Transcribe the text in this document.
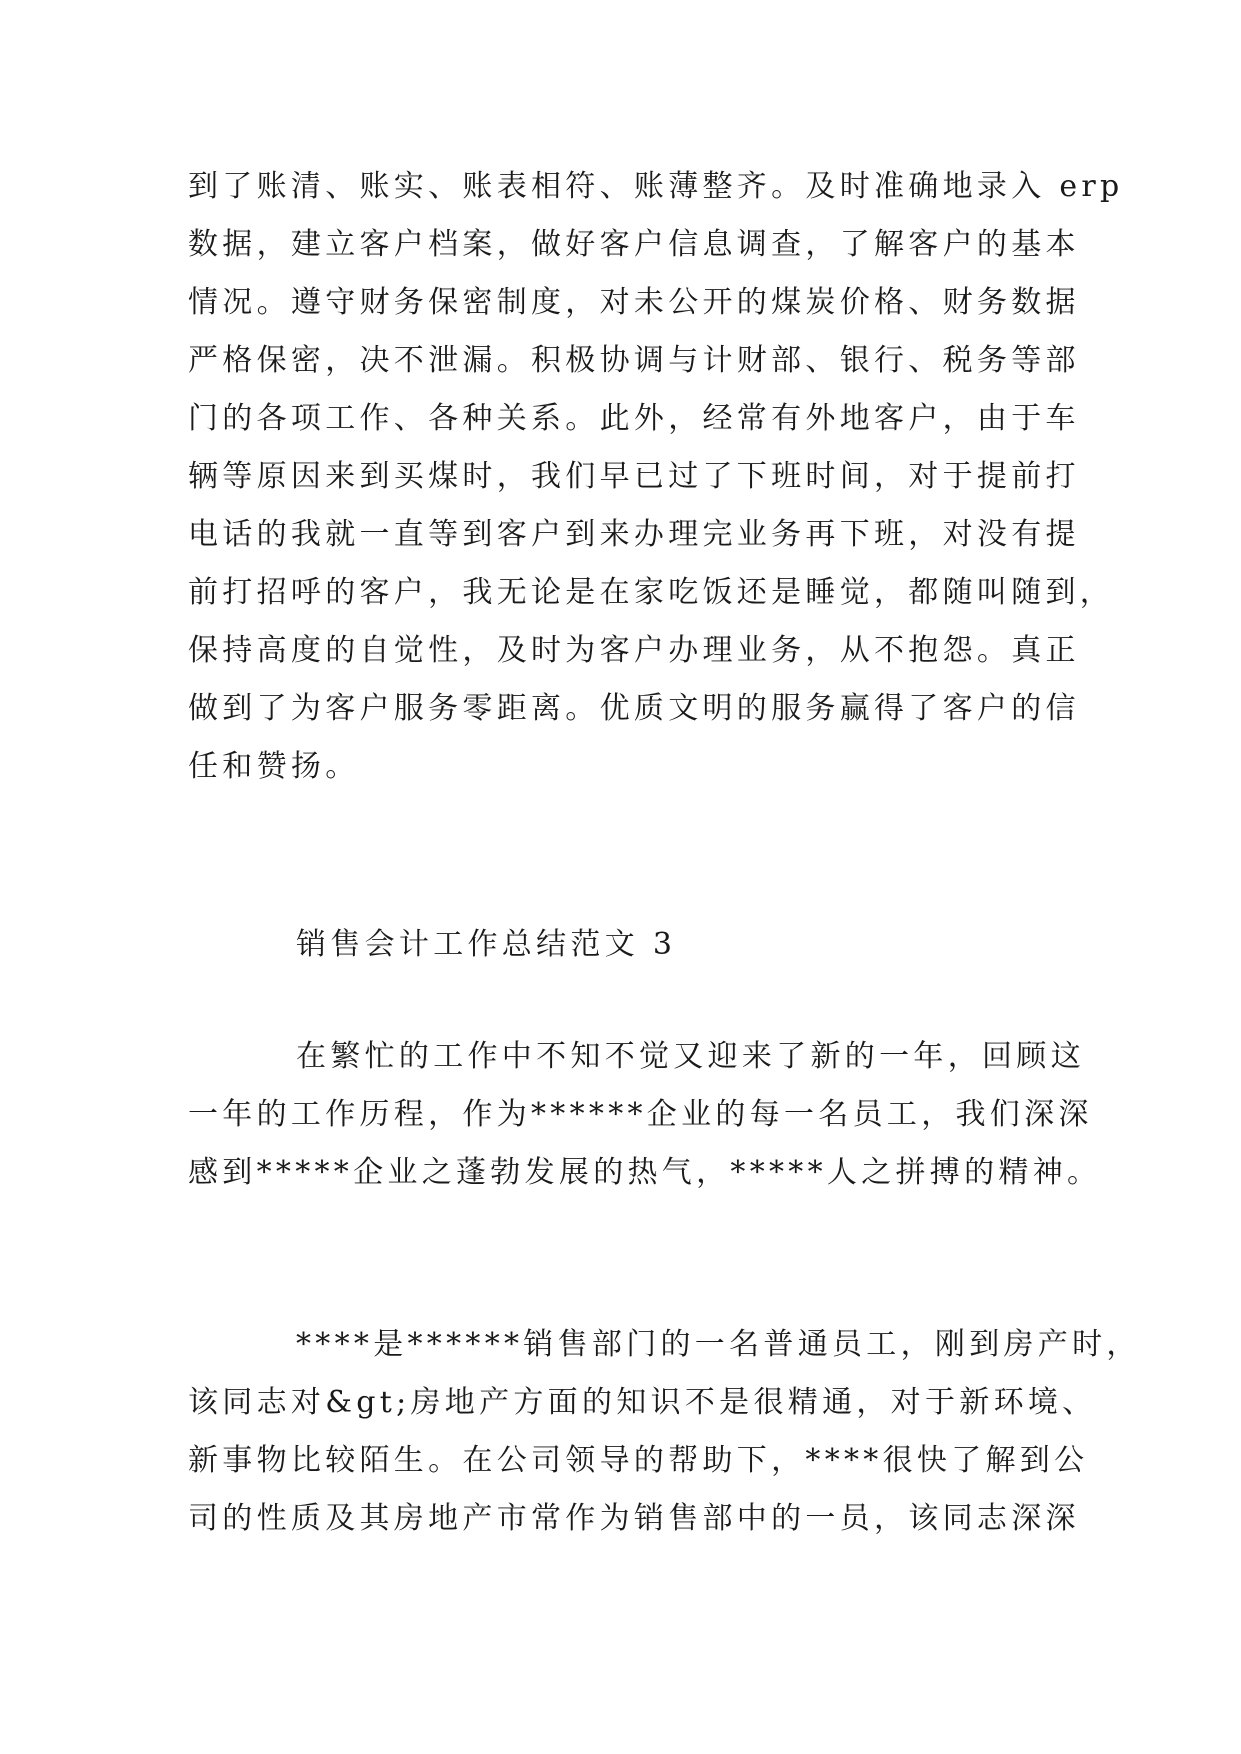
到了账清、账实、账表相符、账薄整齐。及时准确地录入 erp
数据，建立客户档案，做好客户信息调查，了解客户的基本
情况。遵守财务保密制度，对未公开的煤炭价格、财务数据
严格保密，决不泄漏。积极协调与计财部、银行、税务等部
门的各项工作、各种关系。此外，经常有外地客户，由于车
辆等原因来到买煤时，我们早已过了下班时间，对于提前打
电话的我就一直等到客户到来办理完业务再下班，对没有提
前打招呼的客户，我无论是在家吃饭还是睡觉，都随叫随到，
保持高度的自觉性，及时为客户办理业务，从不抱怨。真正
做到了为客户服务零距离。优质文明的服务赢得了客户的信
任和赞扬。
销售会计工作总结范文 3
在繁忙的工作中不知不觉又迎来了新的一年，回顾这
一年的工作历程，作为******企业的每一名员工，我们深深
感到*****企业之蓬勃发展的热气，*****人之拼搏的精神。
****是******销售部门的一名普通员工，刚到房产时，
该同志对&gt;房地产方面的知识不是很精通，对于新环境、
新事物比较陌生。在公司领导的帮助下，****很快了解到公
司的性质及其房地产市常作为销售部中的一员，该同志深深
